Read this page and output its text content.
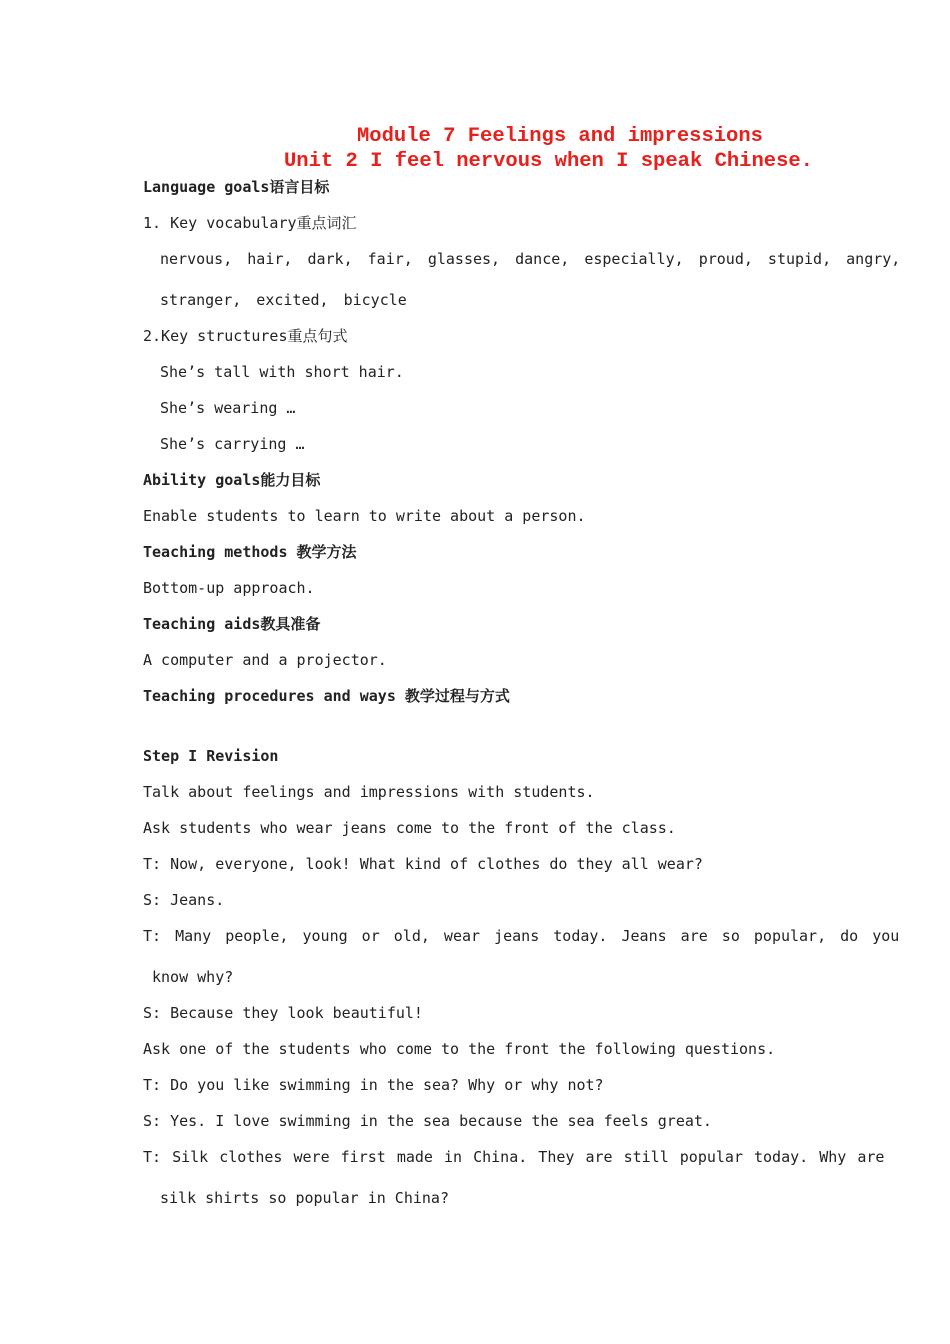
Module 7 Feelings and impressions

Unit 2 I feel nervous when I speak Chinese.

Language goals语言目标

1. Key vocabulary重点词汇

nervous, hair, dark, fair, glasses, dance, especially, proud, stupid, angry,

stranger, excited, bicycle

2.Key structures重点句式

She’s tall with short hair.

She’s wearing …

She’s carrying …

Ability goals能力目标

Enable students to learn to write about a person.

Teaching methods 教学方法

Bottom-up approach.

Teaching aids教具准备

A computer and a projector.

Teaching procedures and ways 教学过程与方式

Step I Revision

Talk about feelings and impressions with students.

Ask students who wear jeans come to the front of the class.

T: Now, everyone, look! What kind of clothes do they all wear?

S: Jeans.

T: Many people, young or old, wear jeans today. Jeans are so popular, do you

know why?

S: Because they look beautiful!

Ask one of the students who come to the front the following questions.

T: Do you like swimming in the sea? Why or why not?

S: Yes. I love swimming in the sea because the sea feels great.

T: Silk clothes were first made in China. They are still popular today. Why are

silk shirts so popular in China?
